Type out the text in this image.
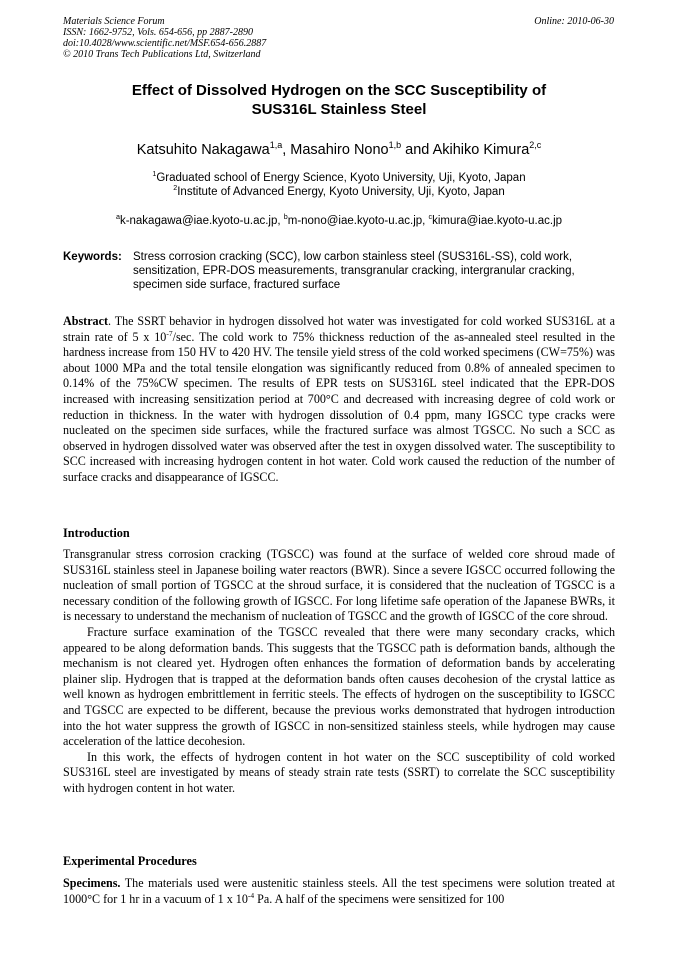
Materials Science Forum
ISSN: 1662-9752, Vols. 654-656, pp 2887-2890
doi:10.4028/www.scientific.net/MSF.654-656.2887
© 2010 Trans Tech Publications Ltd, Switzerland
Online: 2010-06-30
Effect of Dissolved Hydrogen on the SCC Susceptibility of
SUS316L Stainless Steel
Katsuhito Nakagawa$^{1,a}$, Masahiro Nono$^{1,b}$ and Akihiko Kimura$^{2,c}$
$^1$Graduated school of Energy Science, Kyoto University, Uji, Kyoto, Japan
$^2$Institute of Advanced Energy, Kyoto University, Uji, Kyoto, Japan
$^a$k-nakagawa@iae.kyoto-u.ac.jp, $^b$m-nono@iae.kyoto-u.ac.jp, $^c$kimura@iae.kyoto-u.ac.jp
Keywords: Stress corrosion cracking (SCC), low carbon stainless steel (SUS316L-SS), cold work, sensitization, EPR-DOS measurements, transgranular cracking, intergranular cracking, specimen side surface, fractured surface

Abstract. The SSRT behavior in hydrogen dissolved hot water was investigated for cold worked SUS316L at a strain rate of 5 x $10^{-7}/\sec$. The cold work to 75% thickness reduction of the as-annealed steel resulted in the hardness increase from 150 HV to 420 HV. The tensile yield stress of the cold worked specimens (CW=75%) was about 1000 MPa and the total tensile elongation was significantly reduced from 0.8% of annealed specimen to 0.14% of the 75%CW specimen. The results of EPR tests on SUS316L steel indicated that the EPR-DOS increased with increasing sensitization period at 700°C and decreased with increasing degree of cold work or reduction in thickness. In the water with hydrogen dissolution of 0.4 ppm, many IGSCC type cracks were nucleated on the specimen side surfaces, while the fractured surface was almost TGSCC. No such a SCC as observed in hydrogen dissolved water was observed after the test in oxygen dissolved water. The susceptibility to SCC increased with increasing hydrogen content in hot water. Cold work caused the reduction of the number of surface cracks and disappearance of IGSCC.

Introduction

Transgranular stress corrosion cracking (TGSCC) was found at the surface of welded core shroud made of SUS316L stainless steel in Japanese boiling water reactors (BWR). Since a severe IGSCC occurred following the nucleation of small portion of TGSCC at the shroud surface, it is considered that the nucleation of TGSCC is a necessary condition of the following growth of IGSCC. For long lifetime safe operation of the Japanese BWRs, it is necessary to understand the mechanism of nucleation of TGSCC and the growth of IGSCC of the core shroud.

Fracture surface examination of the TGSCC revealed that there were many secondary cracks, which appeared to be along deformation bands. This suggests that the TGSCC path is deformation bands, although the mechanism is not cleared yet. Hydrogen often enhances the formation of deformation bands by accelerating plainer slip. Hydrogen that is trapped at the deformation bands often causes decohesion of the crystal lattice as well known as hydrogen embrittlement in ferritic steels. The effects of hydrogen on the susceptibility to IGSCC and TGSCC are expected to be different, because the previous works demonstrated that hydrogen introduction into the hot water suppress the growth of IGSCC in non-sensitized stainless steels, while hydrogen may cause acceleration of the lattice decohesion.

In this work, the effects of hydrogen content in hot water on the SCC susceptibility of cold worked SUS316L steel are investigated by means of steady strain rate tests (SSRT) to correlate the SCC susceptibility with hydrogen content in hot water.

Experimental Procedures

Specimens. The materials used were austenitic stainless steels. All the test specimens were solution treated at 1000°C for 1 hr in a vacuum of 1 x $10^{-4}$ Pa. A half of the specimens were sensitized for 100
